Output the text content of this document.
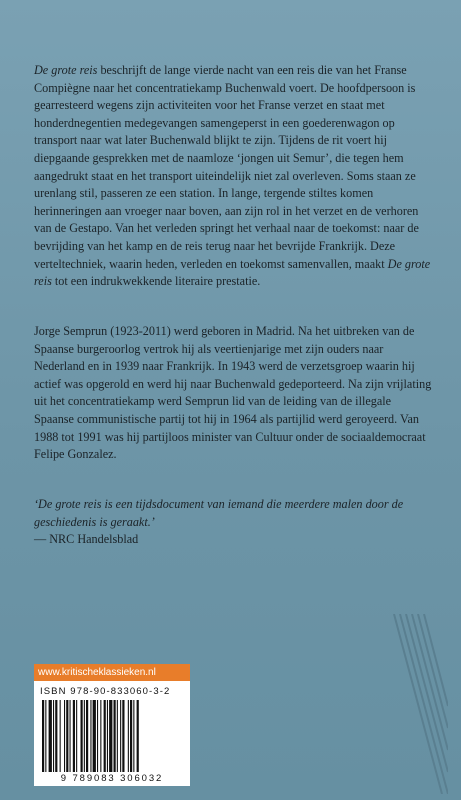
De grote reis beschrijft de lange vierde nacht van een reis die van het Franse Compiègne naar het concentratiekamp Buchenwald voert. De hoofdpersoon is gearresteerd wegens zijn activiteiten voor het Franse verzet en staat met honderdnegentien medegevangen samengeperst in een goederenwagon op transport naar wat later Buchenwald blijkt te zijn. Tijdens de rit voert hij diepgaande gesprekken met de naamloze ‘jongen uit Semur’, die tegen hem aangedrukt staat en het transport uiteindelijk niet zal overleven. Soms staan ze urenlang stil, passeren ze een station. In lange, tergende stiltes komen herinneringen aan vroeger naar boven, aan zijn rol in het verzet en de verhoren van de Gestapo. Van het verleden springt het verhaal naar de toekomst: naar de bevrijding van het kamp en de reis terug naar het bevrijde Frankrijk. Deze verteltechniek, waarin heden, verleden en toekomst samenvallen, maakt De grote reis tot een indrukwekkende literaire prestatie.

Jorge Semprun (1923-2011) werd geboren in Madrid. Na het uitbreken van de Spaanse burgeroorlog vertrok hij als veertienjarige met zijn ouders naar Nederland en in 1939 naar Frankrijk. In 1943 werd de verzetsgroep waarin hij actief was opgerold en werd hij naar Buchenwald gedeporteerd. Na zijn vrijlating uit het concentratiekamp werd Semprun lid van de leiding van de illegale Spaanse communistische partij tot hij in 1964 als partijlid werd geroyeerd. Van 1988 tot 1991 was hij partijloos minister van Cultuur onder de sociaaldemocraat Felipe Gonzalez.

‘De grote reis is een tijdsdocument van iemand die meerdere malen door de geschiedenis is geraakt.’
— NRC Handelsblad

www.kritischeklassieken.nl
ISBN 978-90-833060-3-2
9 789083 306032
